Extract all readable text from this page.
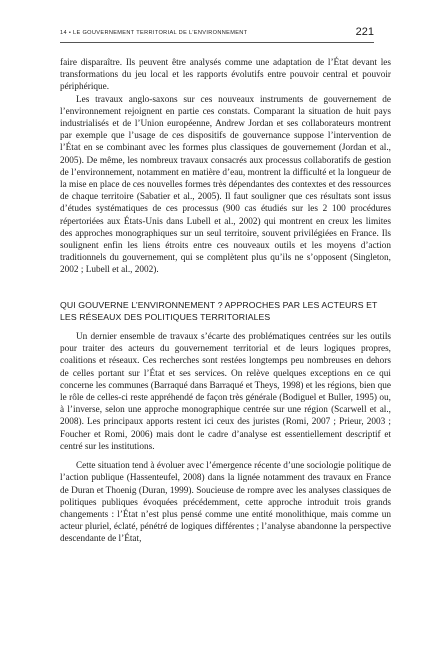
14 • LE GOUVERNEMENT TERRITORIAL DE L’ENVIRONNEMENT	221

faire disparaître. Ils peuvent être analysés comme une adaptation de l’État devant les transformations du jeu local et les rapports évolutifs entre pouvoir central et pouvoir périphérique.

Les travaux anglo-saxons sur ces nouveaux instruments de gouvernement de l’environnement rejoignent en partie ces constats. Comparant la situation de huit pays industrialisés et de l’Union européenne, Andrew Jordan et ses collaborateurs montrent par exemple que l’usage de ces dispositifs de gouvernance suppose l’intervention de l’État en se combinant avec les formes plus classiques de gouvernement (Jordan et al., 2005). De même, les nombreux travaux consacrés aux processus collaboratifs de gestion de l’environnement, notamment en matière d’eau, montrent la difficulté et la longueur de la mise en place de ces nouvelles formes très dépendantes des contextes et des ressources de chaque territoire (Sabatier et al., 2005). Il faut souligner que ces résultats sont issus d’études systématiques de ces processus (900 cas étudiés sur les 2 100 procédures répertoriées aux États-Unis dans Lubell et al., 2002) qui montrent en creux les limites des approches monographiques sur un seul territoire, souvent privilégiées en France. Ils soulignent enfin les liens étroits entre ces nouveaux outils et les moyens d’action traditionnels du gouvernement, qui se complètent plus qu’ils ne s’opposent (Singleton, 2002 ; Lubell et al., 2002).

QUI GOUVERNE L’ENVIRONNEMENT ? APPROCHES PAR LES ACTEURS ET LES RÉSEAUX DES POLITIQUES TERRITORIALES

Un dernier ensemble de travaux s’écarte des problématiques centrées sur les outils pour traiter des acteurs du gouvernement territorial et de leurs logiques propres, coalitions et réseaux. Ces recherches sont restées longtemps peu nombreuses en dehors de celles portant sur l’État et ses services. On relève quelques exceptions en ce qui concerne les communes (Barraqué dans Barraqué et Theys, 1998) et les régions, bien que le rôle de celles-ci reste appréhendé de façon très générale (Bodiguel et Buller, 1995) ou, à l’inverse, selon une approche monographique centrée sur une région (Scarwell et al., 2008). Les principaux apports restent ici ceux des juristes (Romi, 2007 ; Prieur, 2003 ; Foucher et Romi, 2006) mais dont le cadre d’analyse est essentiellement descriptif et centré sur les institutions.

Cette situation tend à évoluer avec l’émergence récente d’une sociologie politique de l’action publique (Hassenteufel, 2008) dans la lignée notamment des travaux en France de Duran et Thoenig (Duran, 1999). Soucieuse de rompre avec les analyses classiques de politiques publiques évoquées précédemment, cette approche introduit trois grands changements : l’État n’est plus pensé comme une entité monolithique, mais comme un acteur pluriel, éclaté, pénétré de logiques différentes ; l’analyse abandonne la perspective descendante de l’État,
